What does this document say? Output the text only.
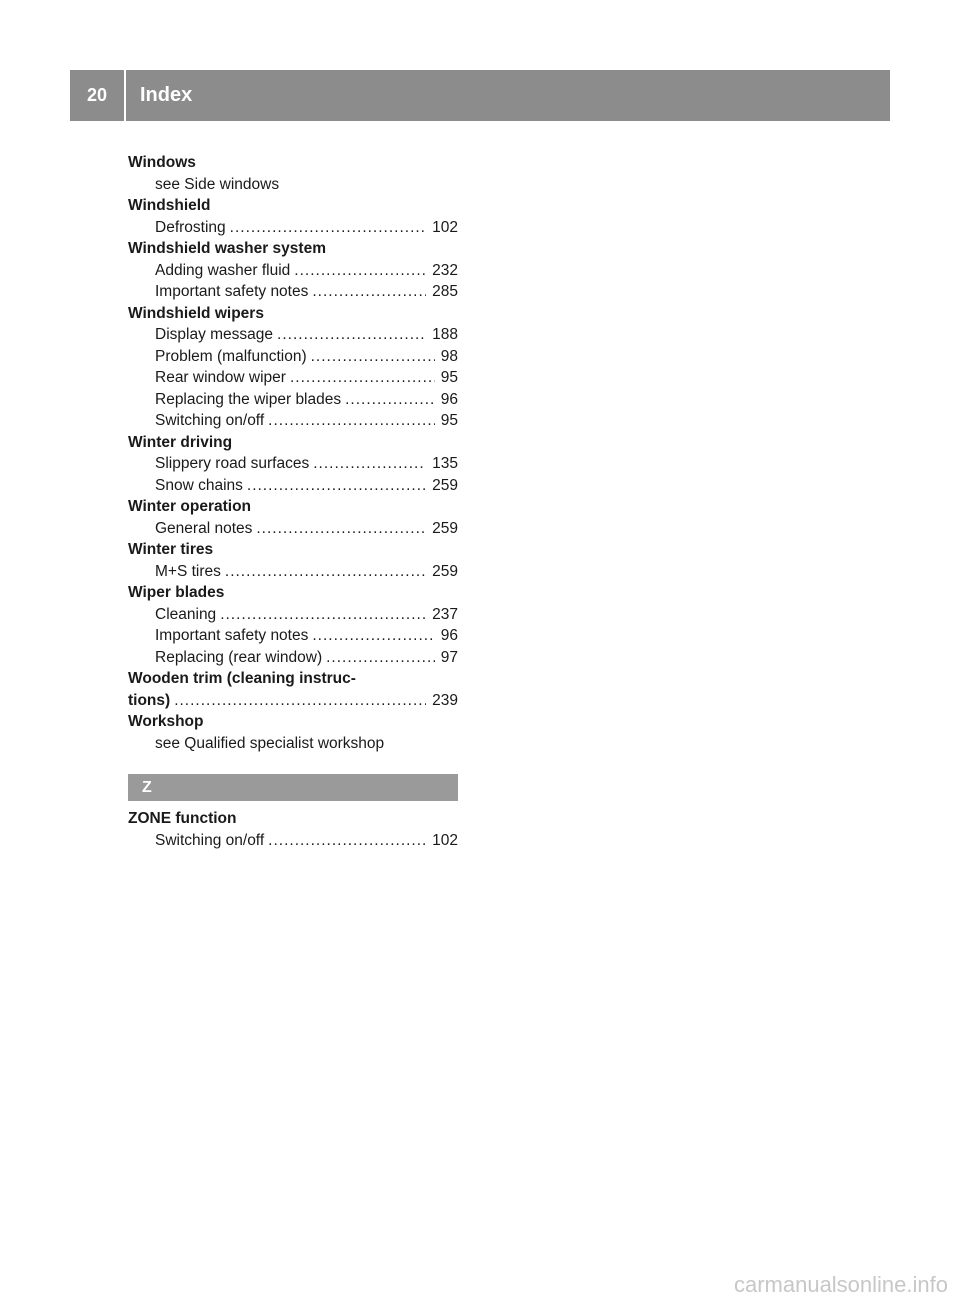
20	Index
Windows
see Side windows
Windshield
Defrosting .....	102
Windshield washer system
Adding washer fluid .....	232
Important safety notes .....	285
Windshield wipers
Display message .....	188
Problem (malfunction) .....	98
Rear window wiper .....	95
Replacing the wiper blades .....	96
Switching on/off .....	95
Winter driving
Slippery road surfaces .....	135
Snow chains .....	259
Winter operation
General notes .....	259
Winter tires
M+S tires .....	259
Wiper blades
Cleaning .....	237
Important safety notes .....	96
Replacing (rear window) .....	97
Wooden trim (cleaning instruc-
tions) .....	239
Workshop
see Qualified specialist workshop
Z
ZONE function
Switching on/off .....	102
carmanualsonline.info
